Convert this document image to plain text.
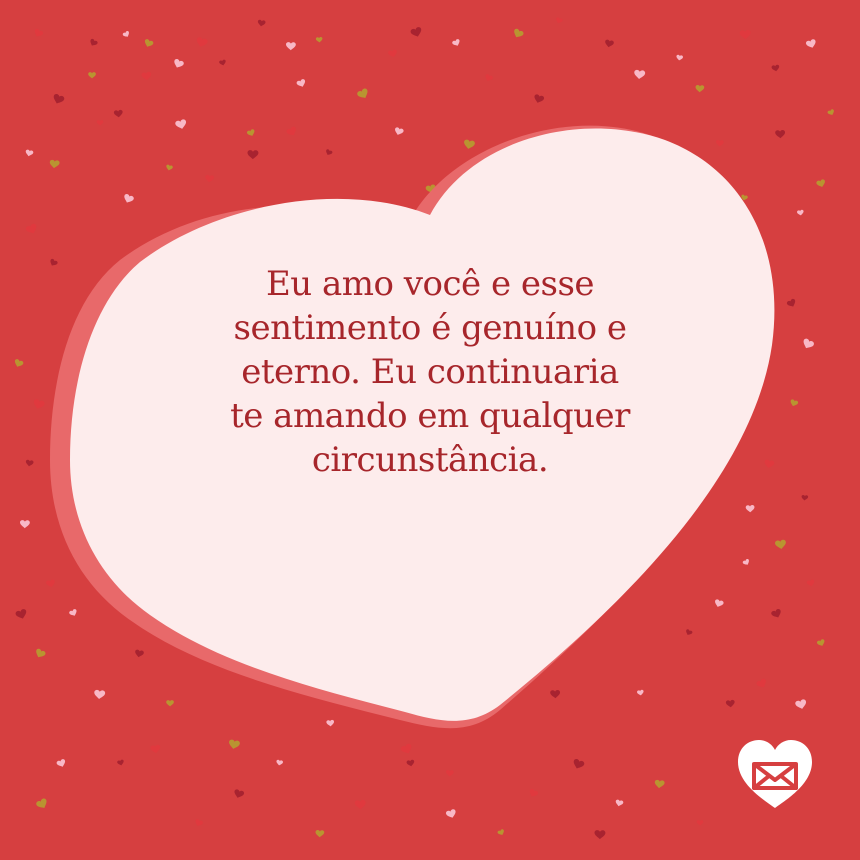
Eu amo você e esse
sentimento é genuíno e
eterno. Eu continuaria
te amando em qualquer
circunstância.
